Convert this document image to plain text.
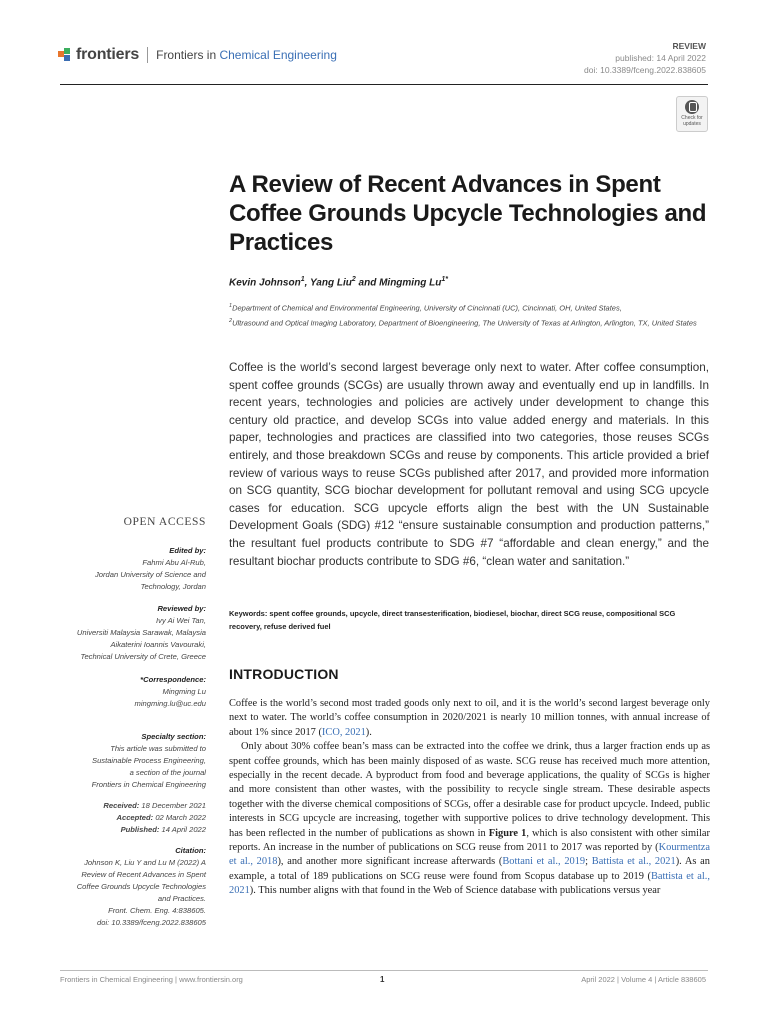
frontiers Frontiers in Chemical Engineering
REVIEW
published: 14 April 2022
doi: 10.3389/fceng.2022.838605
Check for updates
A Review of Recent Advances in Spent Coffee Grounds Upcycle Technologies and Practices
Kevin Johnson$^1$, Yang Liu$^2$ and Mingming $Lu^{1*}$
$^1$Department of Chemical and Environmental Engineering, University of Cincinnati (UC), Cincinnati, OH, United States,
$^2$Ultrasound and Optical Imaging Laboratory, Department of Bioengineering, The University of Texas at Arlington, Arlington, TX, United States
Coffee is the world’s second largest beverage only next to water. After coffee consumption, spent coffee grounds (SCGs) are usually thrown away and eventually end up in landfills. In recent years, technologies and policies are actively under development to change this century old practice, and develop SCGs into value added energy and materials. In this paper, technologies and practices are classified into two categories, those reuses SCGs entirely, and those breakdown SCGs and reuse by components. This article provided a brief review of various ways to reuse SCGs published after 2017, and provided more information on SCG quantity, SCG biochar development for pollutant removal and using SCG upcycle cases for education. SCG upcycle efforts align the best with the UN Sustainable Development Goals (SDG) #12 “ensure sustainable consumption and production patterns,” the resultant fuel products contribute to SDG #7 “affordable and clean energy,” and the resultant biochar products contribute to SDG #6, “clean water and sanitation.”
Keywords: spent coffee grounds, upcycle, direct transesterification, biodiesel, biochar, direct SCG reuse, compositional SCG recovery, refuse derived fuel
INTRODUCTION

Coffee is the world’s second most traded goods only next to oil, and it is the world’s second largest beverage only next to water. The world’s coffee consumption in 2020/2021 is nearly 10 million tonnes, with annual increase of about 1% since 2017 (ICO, 2021).

Only about 30% coffee bean’s mass can be extracted into the coffee we drink, thus a larger fraction ends up as spent coffee grounds, which has been mainly disposed of as waste. SCG reuse has received much more attention, especially in the recent decade. A byproduct from food and beverage applications, the quality of SCGs is higher and more consistent than other wastes, with the possibility to recycle single stream. These desirable aspects together with the diverse chemical compositions of SCGs, offer a desirable case for product upcycle. Indeed, public interests in SCG upcycle are increasing, together with supportive polices to drive technology development. This has been reflected in the number of publications as shown in Figure 1, which is also consistent with other similar reports. An increase in the number of publications on SCG reuse from 2011 to 2017 was reported by (Kourmentza et al., 2018), and another more significant increase afterwards (Bottani et al., 2019; Battista et al., 2021). As an example, a total of 189 publications on SCG reuse were found from Scopus database up to 2019 (Battista et al., 2021). This number aligns with that found in the Web of Science database with publications versus year

OPEN ACCESS
Edited by:
Fahmi Abu Al-Rub,
Jordan University of Science and
Technology, Jordan
Reviewed by:
Ivy Ai Wei Tan,
Universiti Malaysia Sarawak, Malaysia
Aikaterini Ioannis Vavouraki,
Technical University of Crete, Greece
*Correspondence:
Mingming Lu
mingming.lu@uc.edu
Specialty section:
This article was submitted to
Sustainable Process Engineering,
a section of the journal
Frontiers in Chemical Engineering
Received: 18 December 2021
Accepted: 02 March 2022
Published: 14 April 2022
Citation:
Johnson K, Liu Y and Lu M (2022) A
Review of Recent Advances in Spent
Coffee Grounds Upcycle Technologies
and Practices.
Front. Chem. Eng. 4:838605.
doi: 10.3389/fceng.2022.838605
Frontiers in Chemical Engineering | www.frontiersin.org	1	April 2022 | Volume 4 | Article 838605
